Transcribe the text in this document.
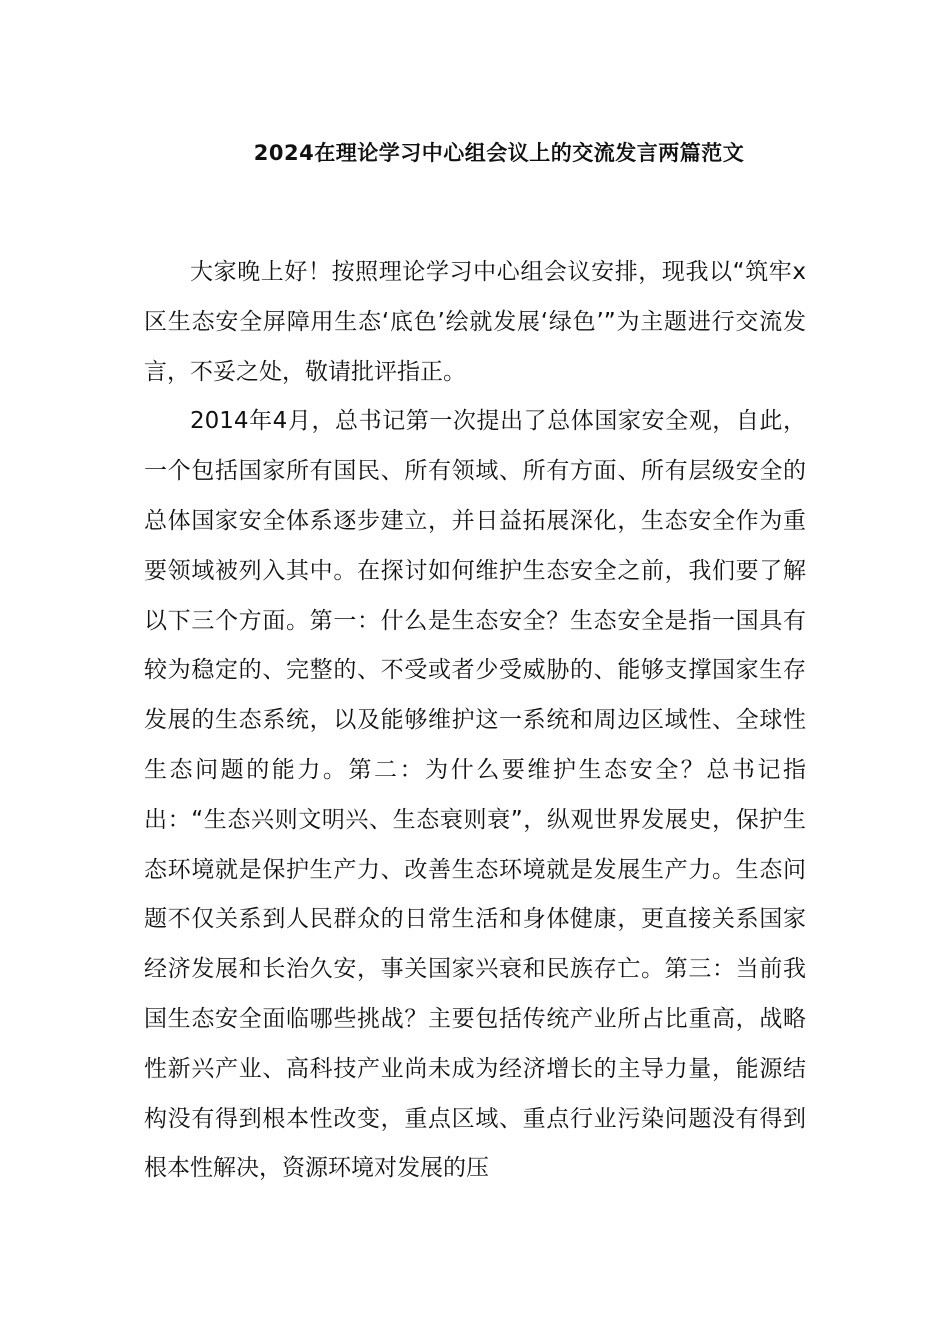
2024在理论学习中心组会议上的交流发言两篇范文

大家晚上好！按照理论学习中心组会议安排，现我以“筑牢x区生态安全屏障用生态‘底色’绘就发展‘绿色’”为主题进行交流发言，不妥之处，敬请批评指正。

2014年4月，总书记第一次提出了总体国家安全观，自此，一个包括国家所有国民、所有领域、所有方面、所有层级安全的总体国家安全体系逐步建立，并日益拓展深化，生态安全作为重要领域被列入其中。在探讨如何维护生态安全之前，我们要了解以下三个方面。第一：什么是生态安全？生态安全是指一国具有较为稳定的、完整的、不受或者少受威胁的、能够支撑国家生存发展的生态系统，以及能够维护这一系统和周边区域性、全球性生态问题的能力。第二：为什么要维护生态安全？总书记指出：“生态兴则文明兴、生态衰则衰”，纵观世界发展史，保护生态环境就是保护生产力、改善生态环境就是发展生产力。生态问题不仅关系到人民群众的日常生活和身体健康，更直接关系国家经济发展和长治久安，事关国家兴衰和民族存亡。第三：当前我国生态安全面临哪些挑战？主要包括传统产业所占比重高，战略性新兴产业、高科技产业尚未成为经济增长的主导力量，能源结构没有得到根本性改变，重点区域、重点行业污染问题没有得到根本性解决，资源环境对发展的压
